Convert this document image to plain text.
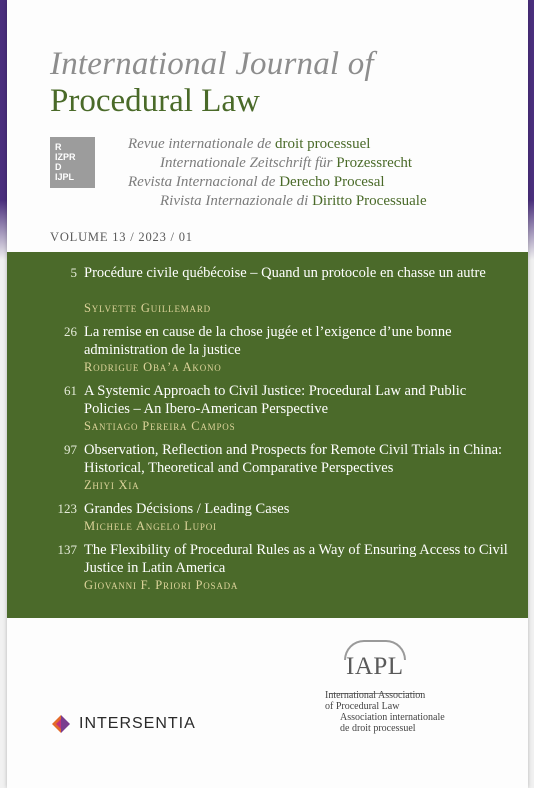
International Journal of
Procedural Law
R
IZPR
D
IJPL
Revue internationale de droit processuel
Internationale Zeitschrift für Prozessrecht
Revista Internacional de Derecho Procesal
Rivista Internazionale di Diritto Processuale
VOLUME 13 / 2023 / 01
5 Procédure civile québécoise – Quand un protocole en chasse un autre
Sylvette Guillemard
26 La remise en cause de la chose jugée et l’exigence d’une bonne administration de la justice
Rodrigue Oba’a Akono
61 A Systemic Approach to Civil Justice: Procedural Law and Public Policies – An Ibero-American Perspective
Santiago Pereira Campos
97 Observation, Reflection and Prospects for Remote Civil Trials in China: Historical, Theoretical and Comparative Perspectives
Zhiyi Xia
123 Grandes Décisions / Leading Cases
Michele Angelo Lupoi
137 The Flexibility of Procedural Rules as a Way of Ensuring Access to Civil Justice in Latin America
Giovanni F. Priori Posada
IAPL
International Association
of Procedural Law
Association internationale
de droit processuel
INTERSENTIA
